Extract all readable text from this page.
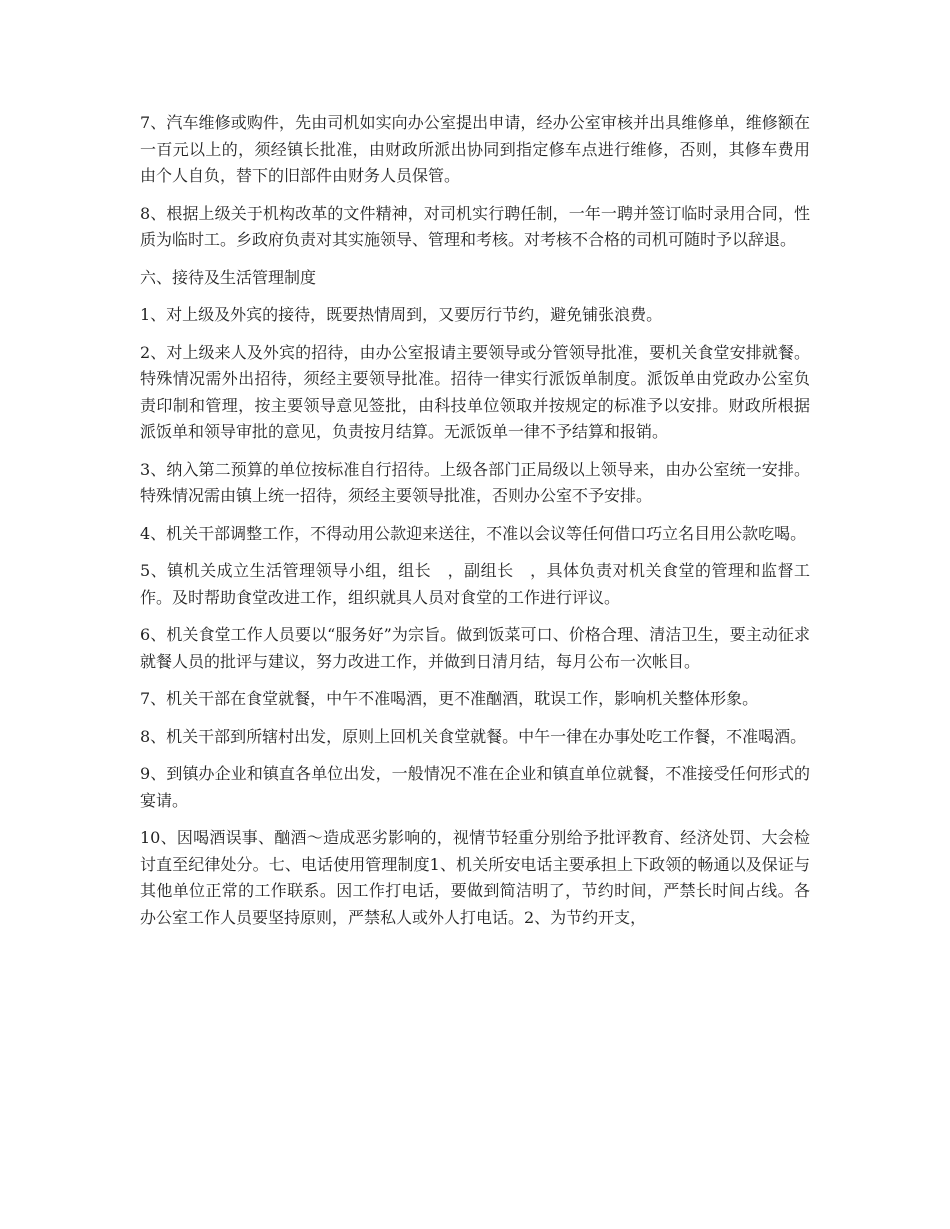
7、汽车维修或购件，先由司机如实向办公室提出申请，经办公室审核并出具维修单，维修额在一百元以上的，须经镇长批准，由财政所派出协同到指定修车点进行维修，否则，其修车费用由个人自负，替下的旧部件由财务人员保管。

8、根据上级关于机构改革的文件精神，对司机实行聘任制，一年一聘并签订临时录用合同，性质为临时工。乡政府负责对其实施领导、管理和考核。对考核不合格的司机可随时予以辞退。

六、接待及生活管理制度

1、对上级及外宾的接待，既要热情周到，又要厉行节约，避免铺张浪费。

2、对上级来人及外宾的招待，由办公室报请主要领导或分管领导批准，要机关食堂安排就餐。特殊情况需外出招待，须经主要领导批准。招待一律实行派饭单制度。派饭单由党政办公室负责印制和管理，按主要领导意见签批，由科技单位领取并按规定的标准予以安排。财政所根据派饭单和领导审批的意见，负责按月结算。无派饭单一律不予结算和报销。

3、纳入第二预算的单位按标准自行招待。上级各部门正局级以上领导来，由办公室统一安排。特殊情况需由镇上统一招待，须经主要领导批准，否则办公室不予安排。

4、机关干部调整工作，不得动用公款迎来送往，不准以会议等任何借口巧立名目用公款吃喝。

5、镇机关成立生活管理领导小组，组长　，副组长　，具体负责对机关食堂的管理和监督工作。及时帮助食堂改进工作，组织就具人员对食堂的工作进行评议。

6、机关食堂工作人员要以“服务好”为宗旨。做到饭菜可口、价格合理、清洁卫生，要主动征求就餐人员的批评与建议，努力改进工作，并做到日清月结，每月公布一次帐目。

7、机关干部在食堂就餐，中午不准喝酒，更不准酗酒，耽误工作，影响机关整体形象。

8、机关干部到所辖村出发，原则上回机关食堂就餐。中午一律在办事处吃工作餐，不准喝酒。

9、到镇办企业和镇直各单位出发，一般情况不准在企业和镇直单位就餐，不准接受任何形式的宴请。

10、因喝酒误事、酗酒～造成恶劣影响的，视情节轻重分别给予批评教育、经济处罚、大会检讨直至纪律处分。七、电话使用管理制度1、机关所安电话主要承担上下政领的畅通以及保证与其他单位正常的工作联系。因工作打电话，要做到简洁明了，节约时间，严禁长时间占线。各办公室工作人员要坚持原则，严禁私人或外人打电话。2、为节约开支，
